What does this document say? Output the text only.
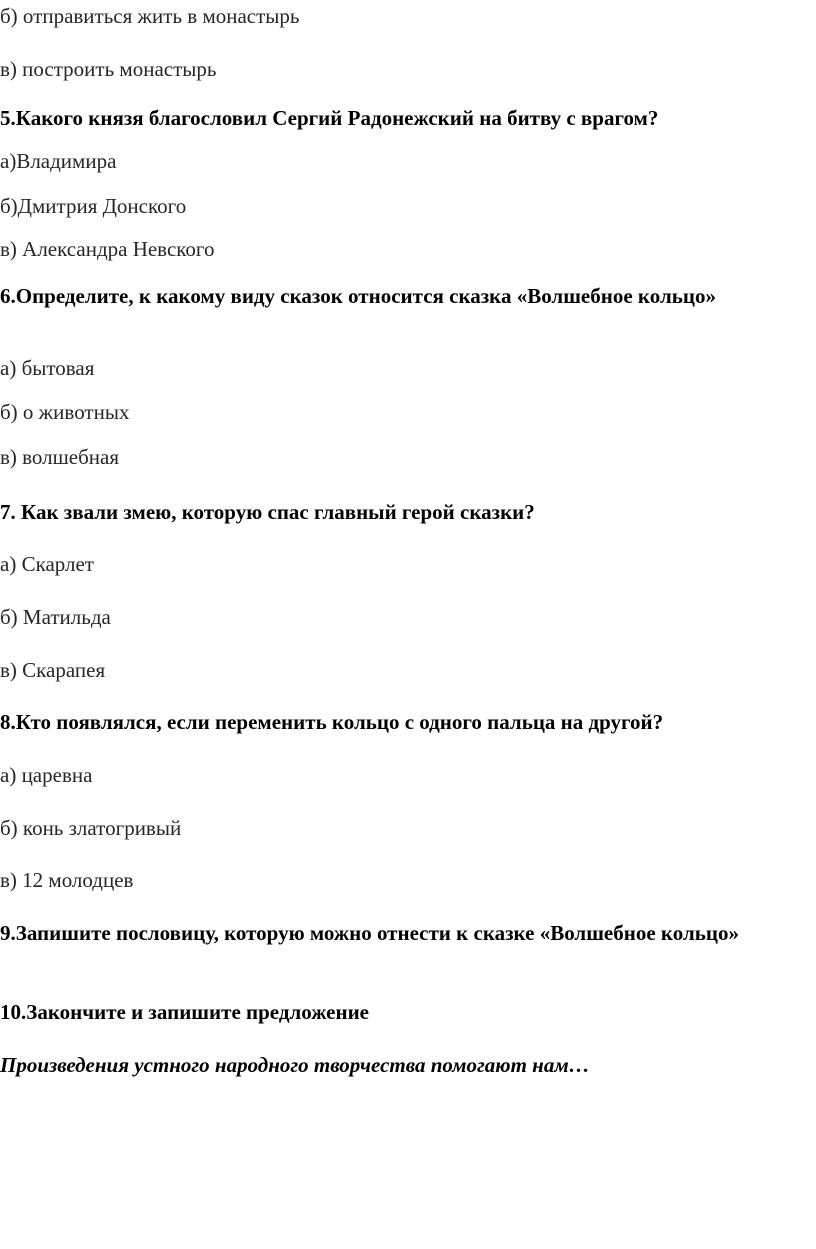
б) отправиться жить в монастырь
в) построить монастырь
5.Какого князя благословил Сергий Радонежский на битву с врагом?
а)Владимира
б)Дмитрия Донского
в) Александра Невского
6.Определите, к какому виду сказок относится сказка «Волшебное кольцо»
а) бытовая
б) о животных
в) волшебная
7. Как звали змею, которую спас главный герой сказки?
а) Скарлет
б) Матильда
в) Скарапея
8.Кто появлялся, если переменить кольцо с одного пальца на другой?
а) царевна
б) конь златогривый
в) 12 молодцев
9.Запишите пословицу, которую можно отнести к сказке «Волшебное кольцо»
10.Закончите и запишите предложение
Произведения устного народного творчества помогают нам…
